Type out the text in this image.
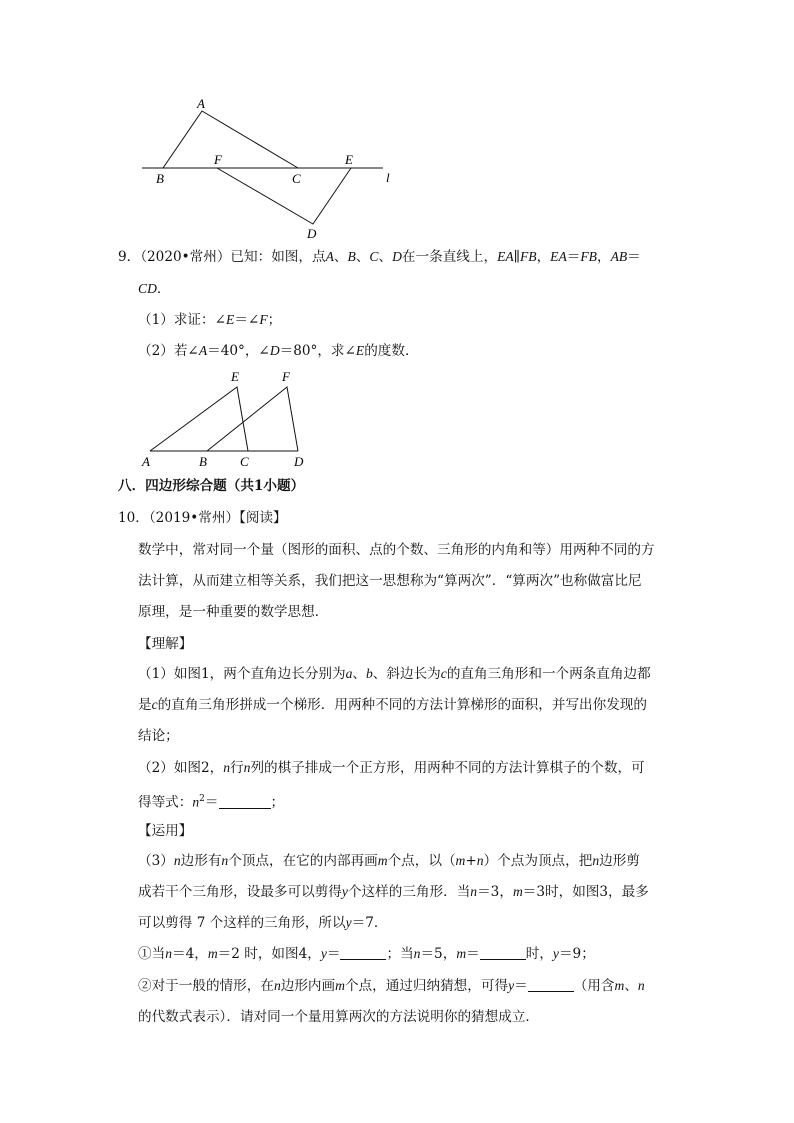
A
B	C
D
E
F
l
9．（2020•常州）已知：如图，点A、B、C、D在一条直线上，EA∥FB，EA＝FB，AB＝
CD．
（1）求证：∠E＝∠F；
（2）若∠A＝40°，∠D＝80°，求∠E的度数．
E	F
A	B	C	D
八．四边形综合题（共1小题）
10．（2019•常州）【阅读】
数学中，常对同一个量（图形的面积、点的个数、三角形的内角和等）用两种不同的方
法计算，从而建立相等关系，我们把这一思想称为“算两次”．“算两次”也称做富比尼
原理，是一种重要的数学思想．
【理解】
（1）如图1，两个直角边长分别为a、b、斜边长为c的直角三角形和一个两条直角边都
是c的直角三角形拼成一个梯形．用两种不同的方法计算梯形的面积，并写出你发现的
结论；
（2）如图2，n行n列的棋子排成一个正方形，用两种不同的方法计算棋子的个数，可
得等式：$n^2=$	；
【运用】
（3）n边形有n个顶点，在它的内部再画m个点，以（m+n）个点为顶点，把n边形剪
成若干个三角形，设最多可以剪得y个这样的三角形．当n＝3，m＝3时，如图3，最多
可以剪得 7 个这样的三角形，所以y＝7．
①当n＝4，m＝2 时，如图4，y＝	；当n＝5，m＝	时，y＝9；
②对于一般的情形，在n边形内画m个点，通过归纳猜想，可得y＝	（用含m、n
的代数式表示）．请对同一个量用算两次的方法说明你的猜想成立．
